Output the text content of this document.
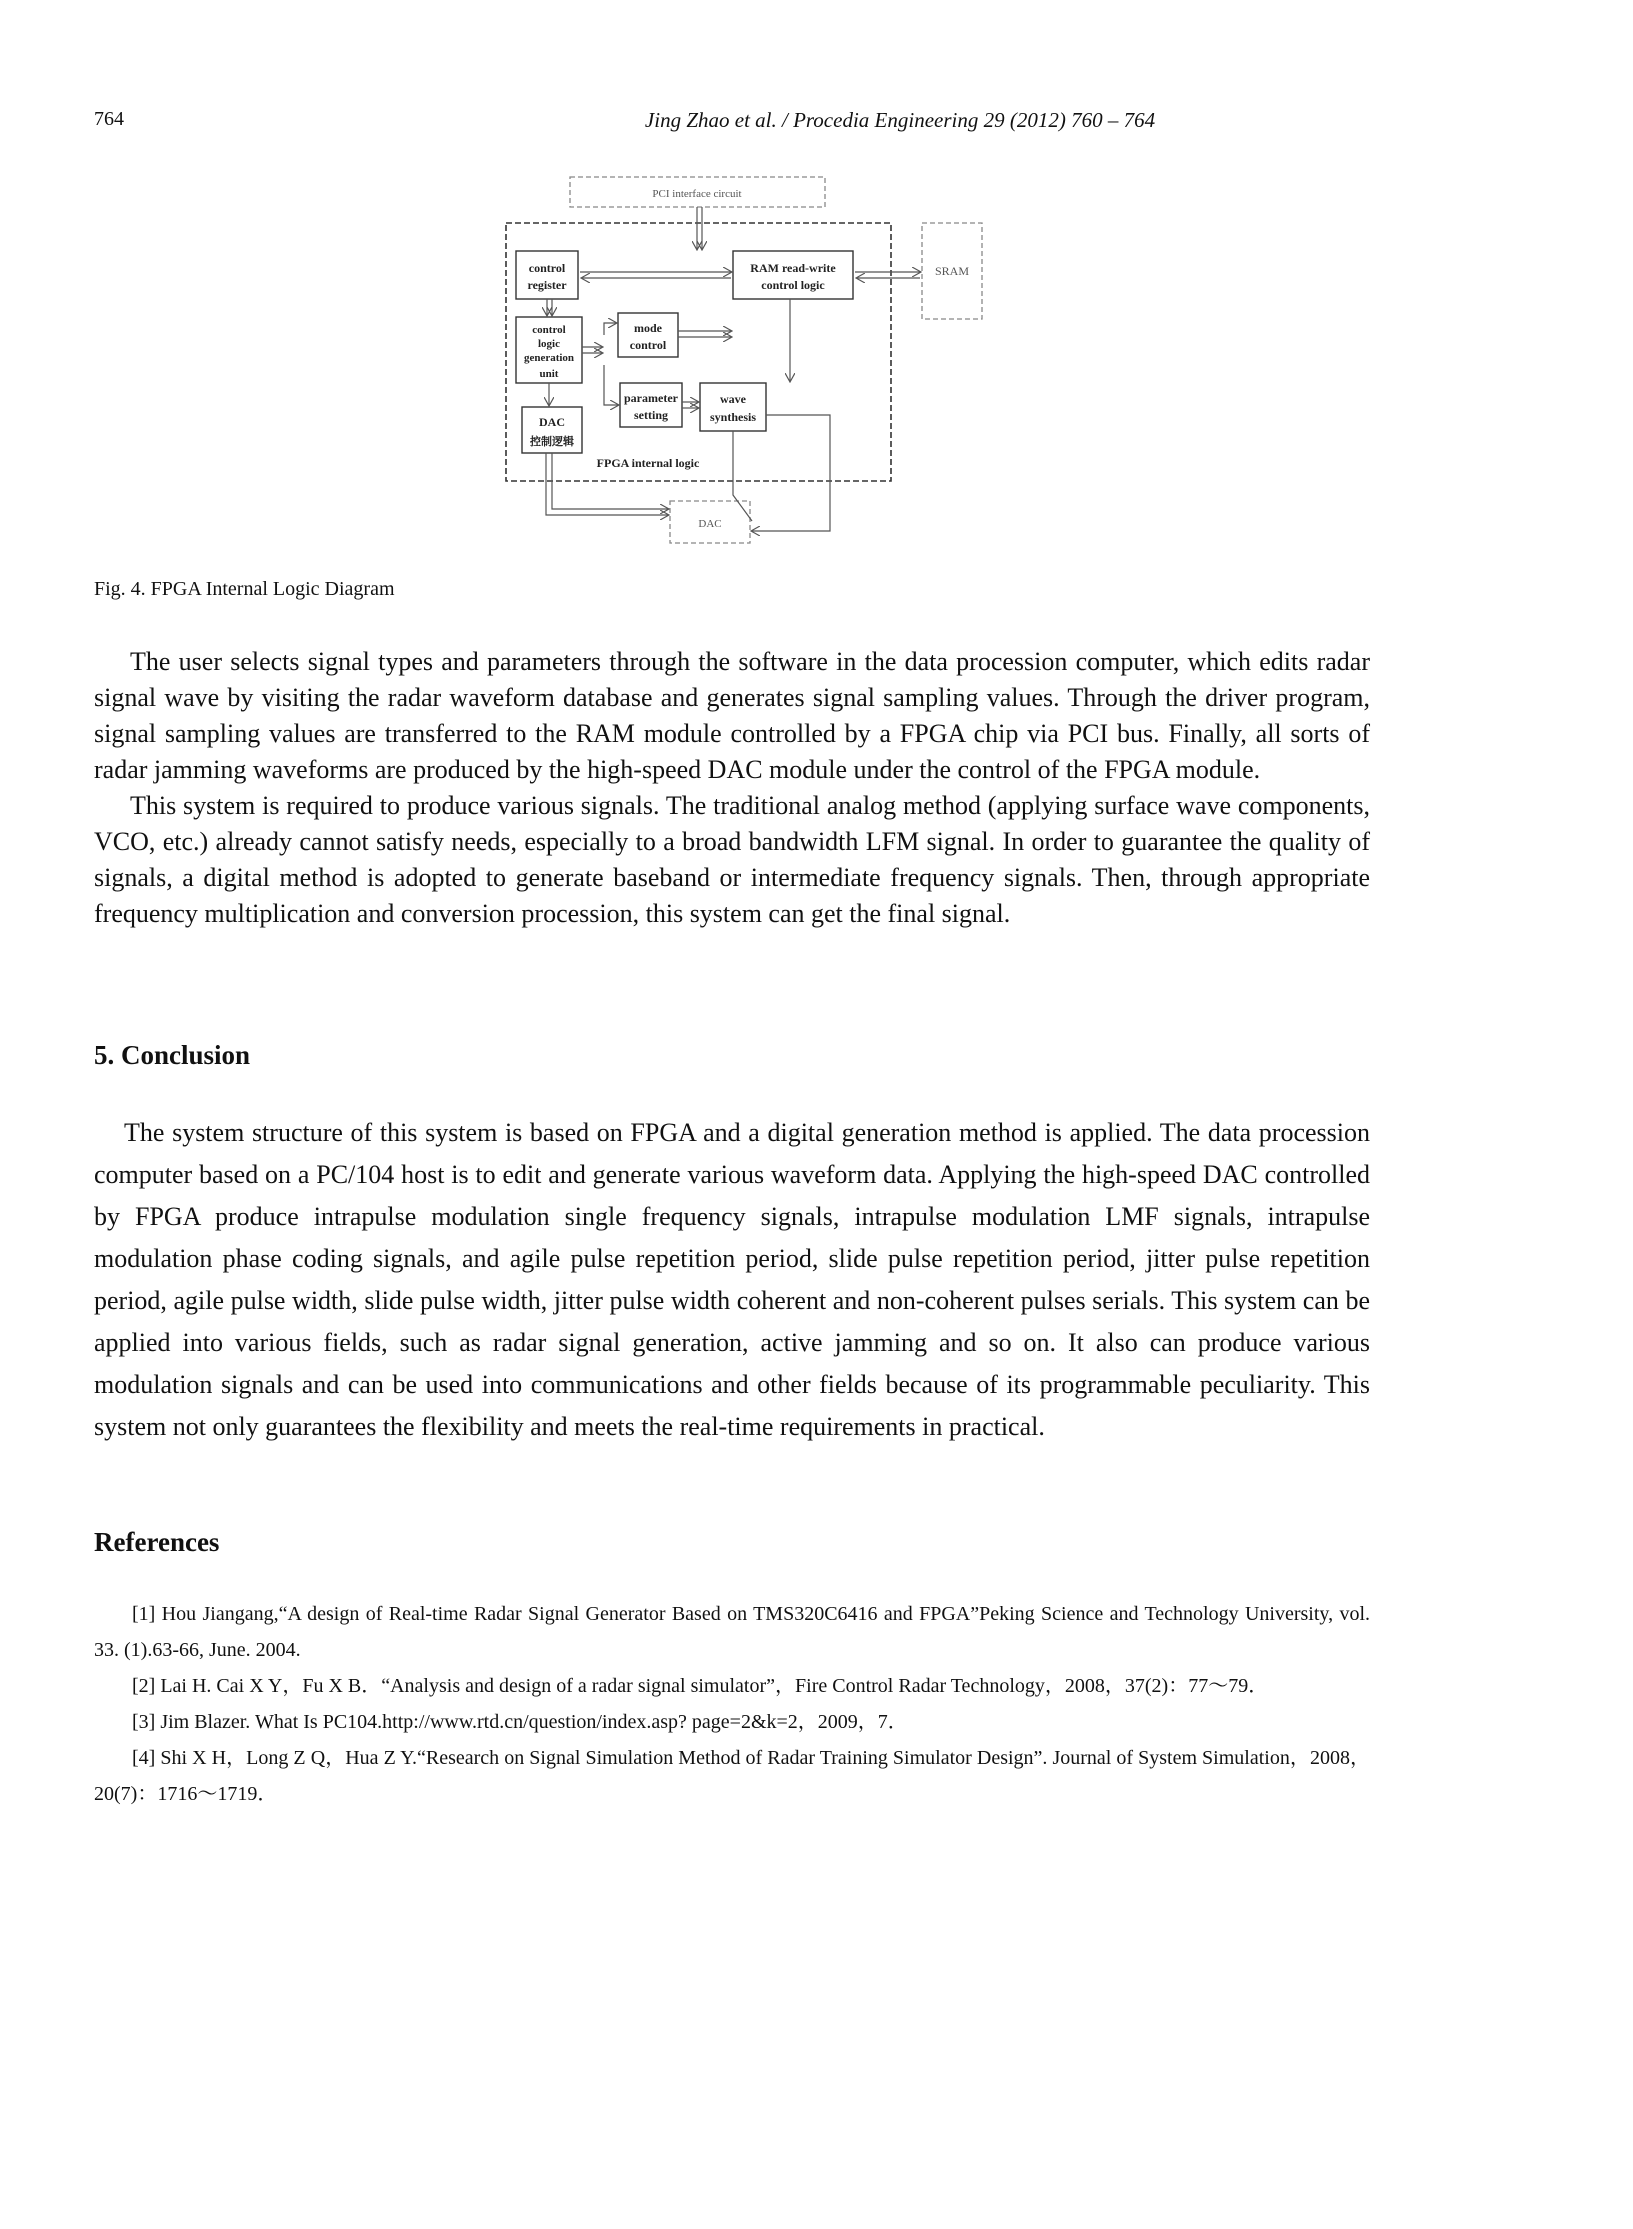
764	Jing Zhao et al. / Procedia Engineering 29 (2012) 760 – 764
PCI interface circuit
SRAM
DAC
control
register
RAM read-write
control logic
mode
control
control
logic
generation
unit
parameter
setting
wave
synthesis
DAC
控制逻辑
FPGA internal logic
Fig. 4. FPGA Internal Logic Diagram

The user selects signal types and parameters through the software in the data procession computer, which edits radar signal wave by visiting the radar waveform database and generates signal sampling values. Through the driver program, signal sampling values are transferred to the RAM module controlled by a FPGA chip via PCI bus. Finally, all sorts of radar jamming waveforms are produced by the high-speed DAC module under the control of the FPGA module.

This system is required to produce various signals. The traditional analog method (applying surface wave components, VCO, etc.) already cannot satisfy needs, especially to a broad bandwidth LFM signal. In order to guarantee the quality of signals, a digital method is adopted to generate baseband or intermediate frequency signals. Then, through appropriate frequency multiplication and conversion procession, this system can get the final signal.

5. Conclusion

The system structure of this system is based on FPGA and a digital generation method is applied. The data procession computer based on a PC/104 host is to edit and generate various waveform data. Applying the high-speed DAC controlled by FPGA produce intrapulse modulation single frequency signals, intrapulse modulation LMF signals, intrapulse modulation phase coding signals, and agile pulse repetition period, slide pulse repetition period, jitter pulse repetition period, agile pulse width, slide pulse width, jitter pulse width coherent and non-coherent pulses serials. This system can be applied into various fields, such as radar signal generation, active jamming and so on. It also can produce various modulation signals and can be used into communications and other fields because of its programmable peculiarity. This system not only guarantees the flexibility and meets the real-time requirements in practical.

References

[1] Hou Jiangang,“A design of Real-time Radar Signal Generator Based on TMS320C6416 and FPGA”Peking Science and Technology University, vol. 33. (1).63-66, June. 2004.

[2] Lai H. Cai X Y，Fu X B．“Analysis and design of a radar signal simulator”，Fire Control Radar Technology，2008，37(2)：77～79．

[3] Jim Blazer. What Is PC104.http://www.rtd.cn/question/index.asp? page=2&k=2，2009，7．

[4] Shi X H，Long Z Q，Hua Z Y.“Research on Signal Simulation Method of Radar Training Simulator Design”. Journal of System Simulation，2008，20(7)：1716～1719．
